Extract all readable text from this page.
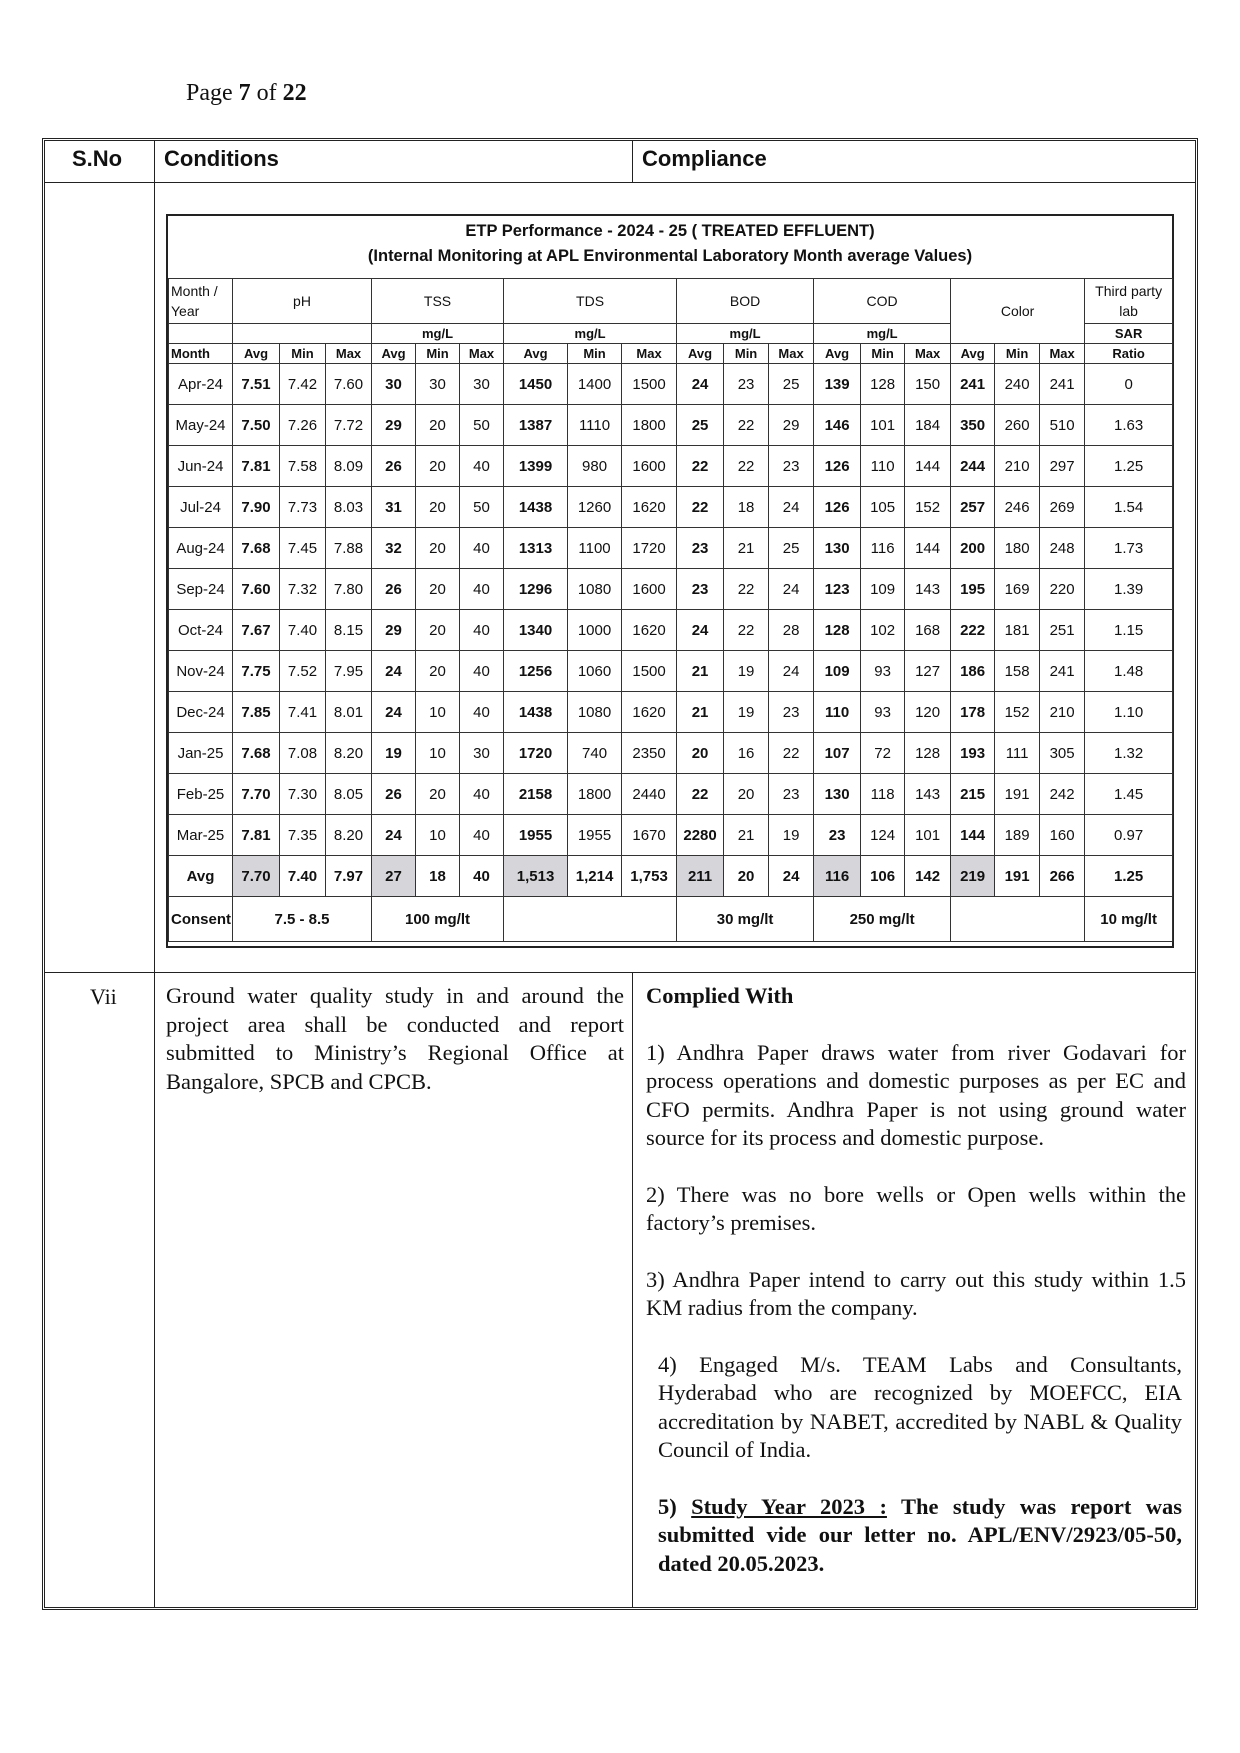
Page 7 of 22
S.No Conditions	Compliance
ETP Performance - 2024 - 25 ( TREATED EFFLUENT)
(Internal Monitoring at APL Environmental Laboratory Month average Values)
Month / Year	pH			TSS			TDS			BOD			COD			Color			Third party lab
				mg/L			mg/L			mg/L			mg/L						SAR
Month	Avg	Min	Max	Avg	Min	Max	Avg	Min	Max	Avg	Min	Max	Avg	Min	Max	Avg	Min	Max	Ratio
Apr-24	7.51	7.42	7.60	30	30	30	1450	1400	1500	24	23	25	139	128	150	241	240	241	0
May-24	7.50	7.26	7.72	29	20	50	1387	1110	1800	25	22	29	146	101	184	350	260	510	1.63
Jun-24	7.81	7.58	8.09	26	20	40	1399	980	1600	22	22	23	126	110	144	244	210	297	1.25
Jul-24	7.90	7.73	8.03	31	20	50	1438	1260	1620	22	18	24	126	105	152	257	246	269	1.54
Aug-24	7.68	7.45	7.88	32	20	40	1313	1100	1720	23	21	25	130	116	144	200	180	248	1.73
Sep-24	7.60	7.32	7.80	26	20	40	1296	1080	1600	23	22	24	123	109	143	195	169	220	1.39
Oct-24	7.67	7.40	8.15	29	20	40	1340	1000	1620	24	22	28	128	102	168	222	181	251	1.15
Nov-24	7.75	7.52	7.95	24	20	40	1256	1060	1500	21	19	24	109	93	127	186	158	241	1.48
Dec-24	7.85	7.41	8.01	24	10	40	1438	1080	1620	21	19	23	110	93	120	178	152	210	1.10
Jan-25	7.68	7.08	8.20	19	10	30	1720	740	2350	20	16	22	107	72	128	193	111	305	1.32
Feb-25	7.70	7.30	8.05	26	20	40	2158	1800	2440	22	20	23	130	118	143	215	191	242	1.45
Mar-25	7.81	7.35	8.20	24	10	40	1955	1955	1670	2280	21	19	23	124	101	144	189	160	0.97
Avg	7.70	7.40	7.97	27	18	40	1,513	1,214	1,753	211	20	24	116	106	142	219	191	266	1.25
Consent	7.5 - 8.5			100 mg/lt						30 mg/lt			250 mg/lt						10 mg/lt
Vii Ground water quality study in and around the project area shall be conducted and report submitted to Ministry’s Regional Office at Bangalore, SPCB and CPCB.
Complied With
1) Andhra Paper draws water from river Godavari for process operations and domestic purposes as per EC and CFO permits. Andhra Paper is not using ground water source for its process and domestic purpose.
2) There was no bore wells or Open wells within the factory’s premises.
3) Andhra Paper intend to carry out this study within 1.5 KM radius from the company.
4) Engaged M/s. TEAM Labs and Consultants, Hyderabad who are recognized by MOEFCC, EIA accreditation by NABET, accredited by NABL & Quality Council of India.
5) Study Year 2023 : The study was report was submitted vide our letter no. APL/ENV/2923/05-50, dated 20.05.2023.
